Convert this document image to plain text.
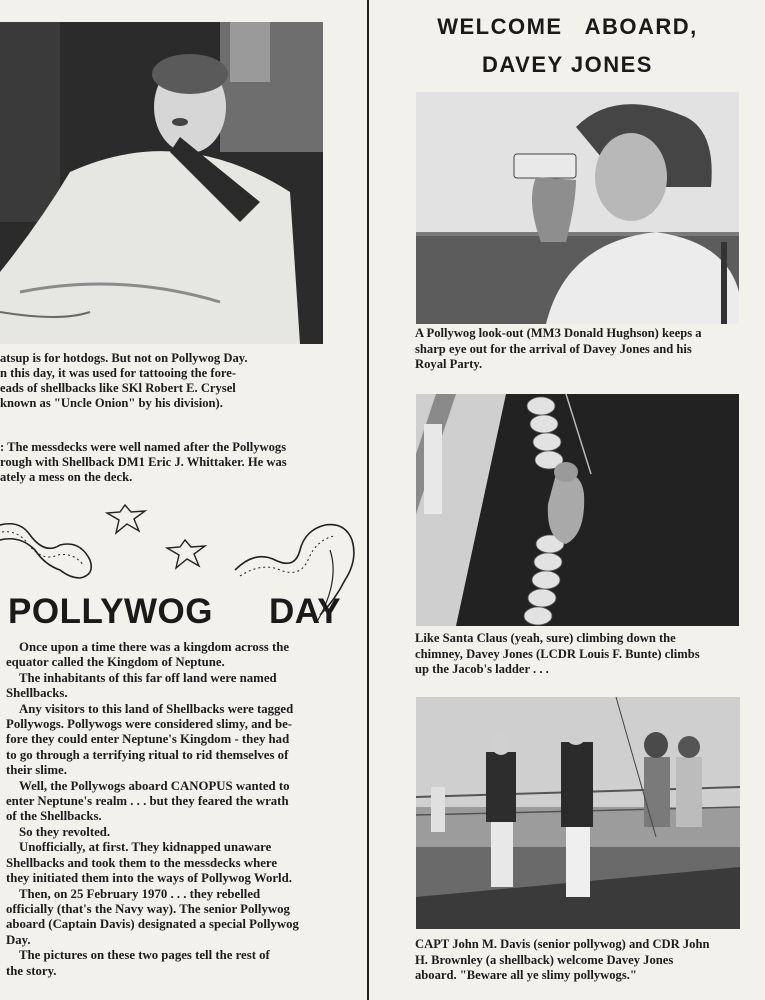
atsup is for hotdogs. But not on Pollywog Day.
n this day, it was used for tattooing the fore-
eads of shellbacks like SKl Robert E. Crysel
known as "Uncle Onion" by his division).
: The messdecks were well named after the Pollywogs
rough with Shellback DM1 Eric J. Whittaker. He was
ately a mess on the deck.
POLLYWOG DAY
Once upon a time there was a kingdom across the
equator called the Kingdom of Neptune.
The inhabitants of this far off land were named
Shellbacks.
Any visitors to this land of Shellbacks were tagged
Pollywogs. Pollywogs were considered slimy, and be-
fore they could enter Neptune's Kingdom - they had
to go through a terrifying ritual to rid themselves of
their slime.
Well, the Pollywogs aboard CANOPUS wanted to
enter Neptune's realm . . . but they feared the wrath
of the Shellbacks.
So they revolted.
Unofficially, at first. They kidnapped unaware
Shellbacks and took them to the messdecks where
they initiated them into the ways of Pollywog World.
Then, on 25 February 1970 . . . they rebelled
officially (that's the Navy way). The senior Pollywog
aboard (Captain Davis) designated a special Pollywog
Day.
The pictures on these two pages tell the rest of
the story.
WELCOME   ABOARD,
DAVEY JONES
A Pollywog look-out (MM3 Donald Hughson) keeps a
sharp eye out for the arrival of Davey Jones and his
Royal Party.
Like Santa Claus (yeah, sure) climbing down the
chimney, Davey Jones (LCDR Louis F. Bunte) climbs
up the Jacob's ladder . . .
CAPT John M. Davis (senior pollywog) and CDR John
H. Brownley (a shellback) welcome Davey Jones
aboard. "Beware all ye slimy pollywogs."
